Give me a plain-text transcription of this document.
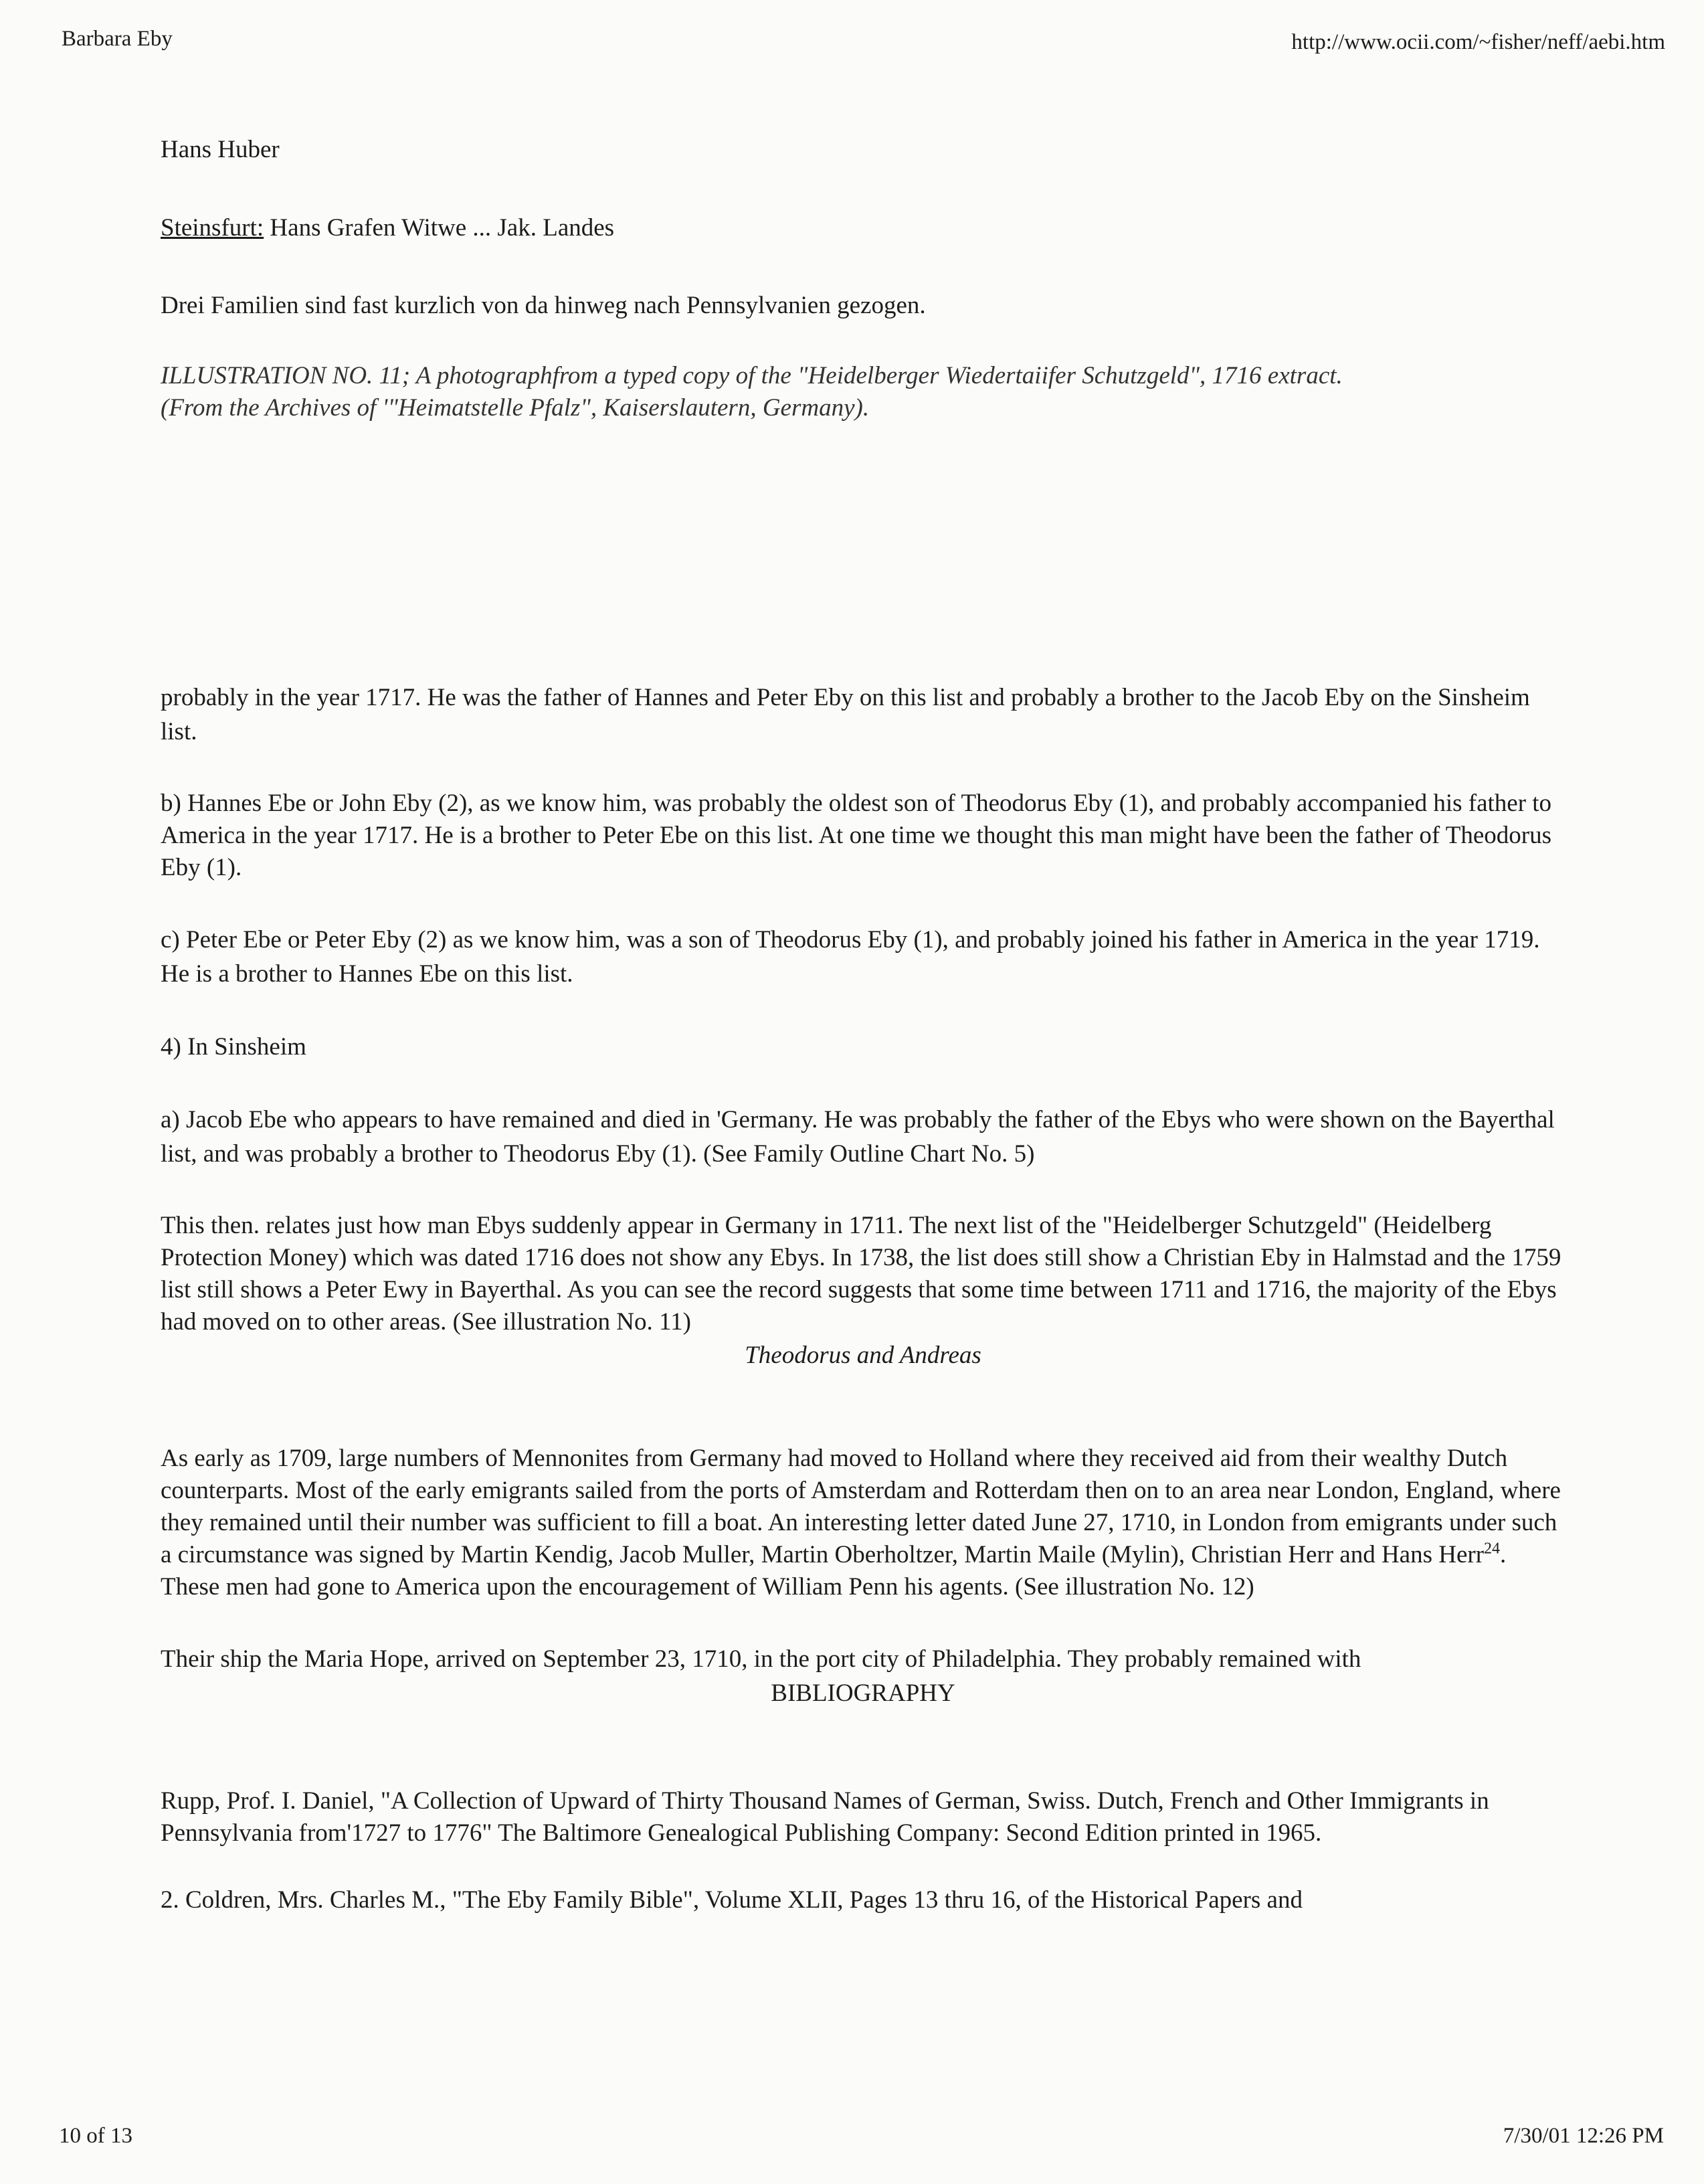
Barbara Eby	http://www.ocii.com/~fisher/neff/aebi.htm

Hans Huber

Steinsfurt: Hans Grafen Witwe ... Jak. Landes

Drei Familien sind fast kurzlich von da hinweg nach Pennsylvanien gezogen.

ILLUSTRATION NO. 11; A photographfrom a typed copy of the "Heidelberger Wiedertaiifer Schutzgeld", 1716 extract.
(From the Archives of '"Heimatstelle Pfalz", Kaiserslautern, Germany).

probably in the year 1717. He was the father of Hannes and Peter Eby on this list and probably a brother to the Jacob Eby on the Sinsheim list.

b) Hannes Ebe or John Eby (2), as we know him, was probably the oldest son of Theodorus Eby (1), and probably accompanied his father to America in the year 1717. He is a brother to Peter Ebe on this list. At one time we thought this man might have been the father of Theodorus Eby (1).

c) Peter Ebe or Peter Eby (2) as we know him, was a son of Theodorus Eby (1), and probably joined his father in America in the year 1719. He is a brother to Hannes Ebe on this list.

4) In Sinsheim

a) Jacob Ebe who appears to have remained and died in 'Germany. He was probably the father of the Ebys who were shown on the Bayerthal list, and was probably a brother to Theodorus Eby (1). (See Family Outline Chart No. 5)

This then. relates just how man Ebys suddenly appear in Germany in 1711. The next list of the "Heidelberger Schutzgeld" (Heidelberg Protection Money) which was dated 1716 does not show any Ebys. In 1738, the list does still show a Christian Eby in Halmstad and the 1759 list still shows a Peter Ewy in Bayerthal. As you can see the record suggests that some time between 1711 and 1716, the majority of the Ebys had moved on to other areas. (See illustration No. 11)

Theodorus and Andreas

As early as 1709, large numbers of Mennonites from Germany had moved to Holland where they received aid from their wealthy Dutch counterparts. Most of the early emigrants sailed from the ports of Amsterdam and Rotterdam then on to an area near London, England, where they remained until their number was sufficient to fill a boat. An interesting letter dated June 27, 1710, in London from emigrants under such a circumstance was signed by Martin Kendig, Jacob Muller, Martin Oberholtzer, Martin Maile (Mylin), Christian Herr and Hans Herr$^{24}$. These men had gone to America upon the encouragement of William Penn his agents. (See illustration No. 12)

Their ship the Maria Hope, arrived on September 23, 1710, in the port city of Philadelphia. They probably remained with

BIBLIOGRAPHY

Rupp, Prof. I. Daniel, "A Collection of Upward of Thirty Thousand Names of German, Swiss. Dutch, French and Other Immigrants in Pennsylvania from'1727 to 1776" The Baltimore Genealogical Publishing Company: Second Edition printed in 1965.

2. Coldren, Mrs. Charles M., "The Eby Family Bible", Volume XLII, Pages 13 thru 16, of the Historical Papers and

10 of 13	7/30/01 12:26 PM
